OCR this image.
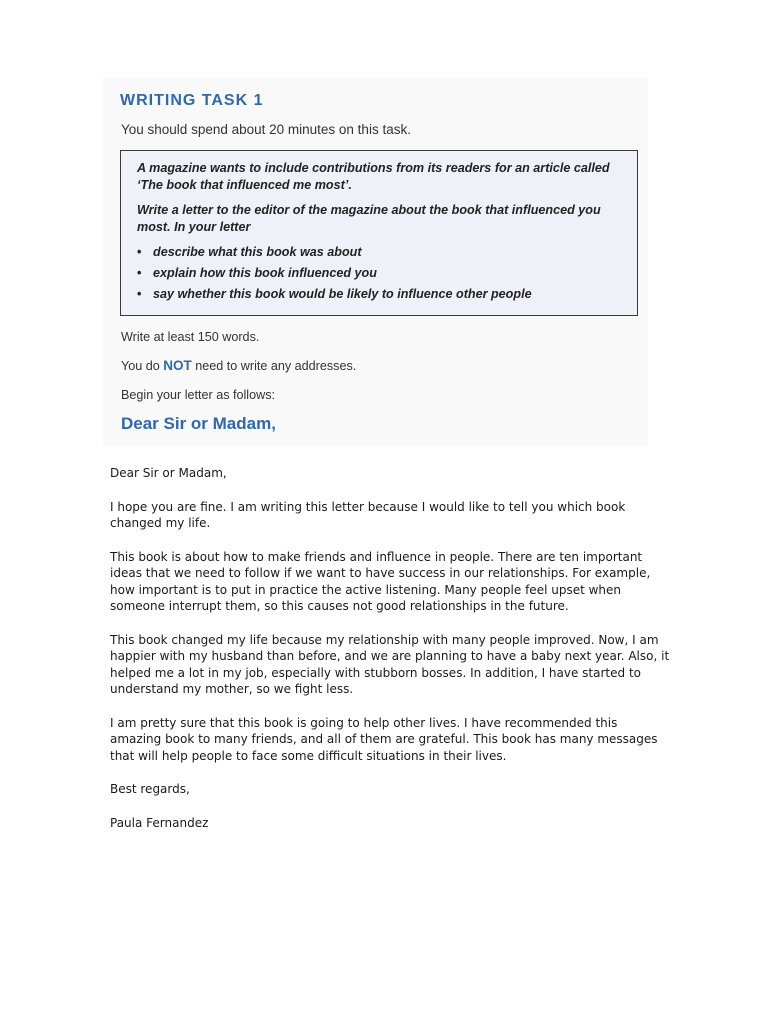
WRITING TASK 1
You should spend about 20 minutes on this task.

A magazine wants to include contributions from its readers for an article called ‘The book that influenced me most’.

Write a letter to the editor of the magazine about the book that influenced you most. In your letter

• describe what this book was about
• explain how this book influenced you
• say whether this book would be likely to influence other people
Write at least 150 words.
You do NOT need to write any addresses.
Begin your letter as follows:
Dear Sir or Madam,

Dear Sir or Madam,

I hope you are fine. I am writing this letter because I would like to tell you which book changed my life.

This book is about how to make friends and influence in people. There are ten important ideas that we need to follow if we want to have success in our relationships. For example, how important is to put in practice the active listening. Many people feel upset when someone interrupt them, so this causes not good relationships in the future.

This book changed my life because my relationship with many people improved. Now, I am happier with my husband than before, and we are planning to have a baby next year. Also, it helped me a lot in my job, especially with stubborn bosses. In addition, I have started to understand my mother, so we fight less.

I am pretty sure that this book is going to help other lives. I have recommended this amazing book to many friends, and all of them are grateful. This book has many messages that will help people to face some difficult situations in their lives.

Best regards,

Paula Fernandez
